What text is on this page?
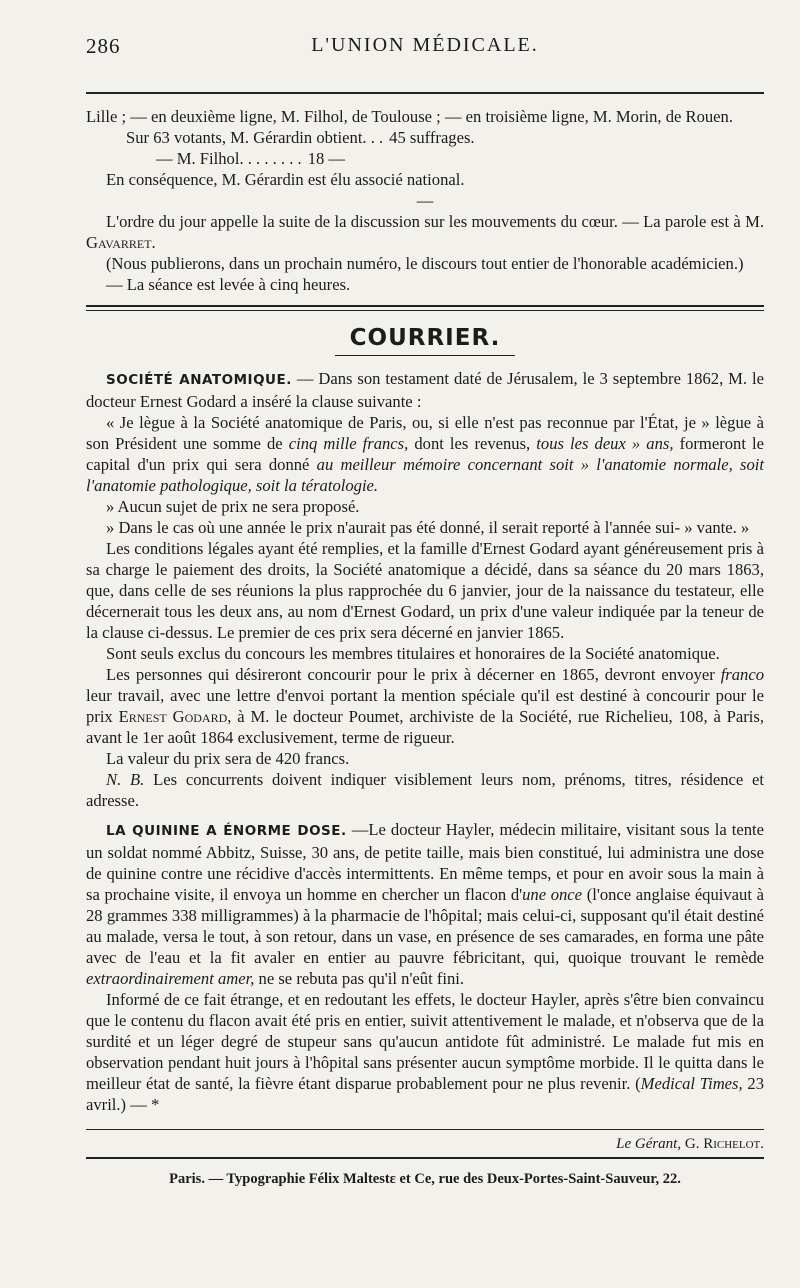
286	L'UNION MÉDICALE.

Lille ; — en deuxième ligne, M. Filhol, de Toulouse ; — en troisième ligne, M. Morin, de Rouen.

Sur 63 votants, M. Gérardin obtient. . . 45 suffrages.

— M. Filhol. . . . . . . . 18 —

En conséquence, M. Gérardin est élu associé national.

—

L'ordre du jour appelle la suite de la discussion sur les mouvements du cœur. — La parole est à M. Gavarret.

(Nous publierons, dans un prochain numéro, le discours tout entier de l'honorable académicien.)

— La séance est levée à cinq heures.

COURRIER.

SOCIÉTÉ ANATOMIQUE. — Dans son testament daté de Jérusalem, le 3 septembre 1862, M. le docteur Ernest Godard a inséré la clause suivante :

« Je lègue à la Société anatomique de Paris, ou, si elle n'est pas reconnue par l'État, je » lègue à son Président une somme de cinq mille francs, dont les revenus, tous les deux » ans, formeront le capital d'un prix qui sera donné au meilleur mémoire concernant soit » l'anatomie normale, soit l'anatomie pathologique, soit la tératologie.

» Aucun sujet de prix ne sera proposé.

» Dans le cas où une année le prix n'aurait pas été donné, il serait reporté à l'année sui- » vante. »

Les conditions légales ayant été remplies, et la famille d'Ernest Godard ayant généreusement pris à sa charge le paiement des droits, la Société anatomique a décidé, dans sa séance du 20 mars 1863, que, dans celle de ses réunions la plus rapprochée du 6 janvier, jour de la naissance du testateur, elle décernerait tous les deux ans, au nom d'Ernest Godard, un prix d'une valeur indiquée par la teneur de la clause ci-dessus. Le premier de ces prix sera décerné en janvier 1865.

Sont seuls exclus du concours les membres titulaires et honoraires de la Société anatomique.

Les personnes qui désireront concourir pour le prix à décerner en 1865, devront envoyer franco leur travail, avec une lettre d'envoi portant la mention spéciale qu'il est destiné à concourir pour le prix Ernest Godard, à M. le docteur Poumet, archiviste de la Société, rue Richelieu, 108, à Paris, avant le 1er août 1864 exclusivement, terme de rigueur.

La valeur du prix sera de 420 francs.

N. B. Les concurrents doivent indiquer visiblement leurs nom, prénoms, titres, résidence et adresse.

LA QUININE A ÉNORME DOSE. —Le docteur Hayler, médecin militaire, visitant sous la tente un soldat nommé Abbitz, Suisse, 30 ans, de petite taille, mais bien constitué, lui administra une dose de quinine contre une récidive d'accès intermittents. En même temps, et pour en avoir sous la main à sa prochaine visite, il envoya un homme en chercher un flacon d'une once (l'once anglaise équivaut à 28 grammes 338 milligrammes) à la pharmacie de l'hôpital; mais celui-ci, supposant qu'il était destiné au malade, versa le tout, à son retour, dans un vase, en présence de ses camarades, en forma une pâte avec de l'eau et la fit avaler en entier au pauvre fébricitant, qui, quoique trouvant le remède extraordinairement amer, ne se rebuta pas qu'il n'eût fini.

Informé de ce fait étrange, et en redoutant les effets, le docteur Hayler, après s'être bien convaincu que le contenu du flacon avait été pris en entier, suivit attentivement le malade, et n'observa que de la surdité et un léger degré de stupeur sans qu'aucun antidote fût administré. Le malade fut mis en observation pendant huit jours à l'hôpital sans présenter aucun symptôme morbide. Il le quitta dans le meilleur état de santé, la fièvre étant disparue probablement pour ne plus revenir. (Medical Times, 23 avril.) — *

Le Gérant, G. Richelot.
Paris. — Typographie Félix Maltestε et Ce, rue des Deux-Portes-Saint-Sauveur, 22.
